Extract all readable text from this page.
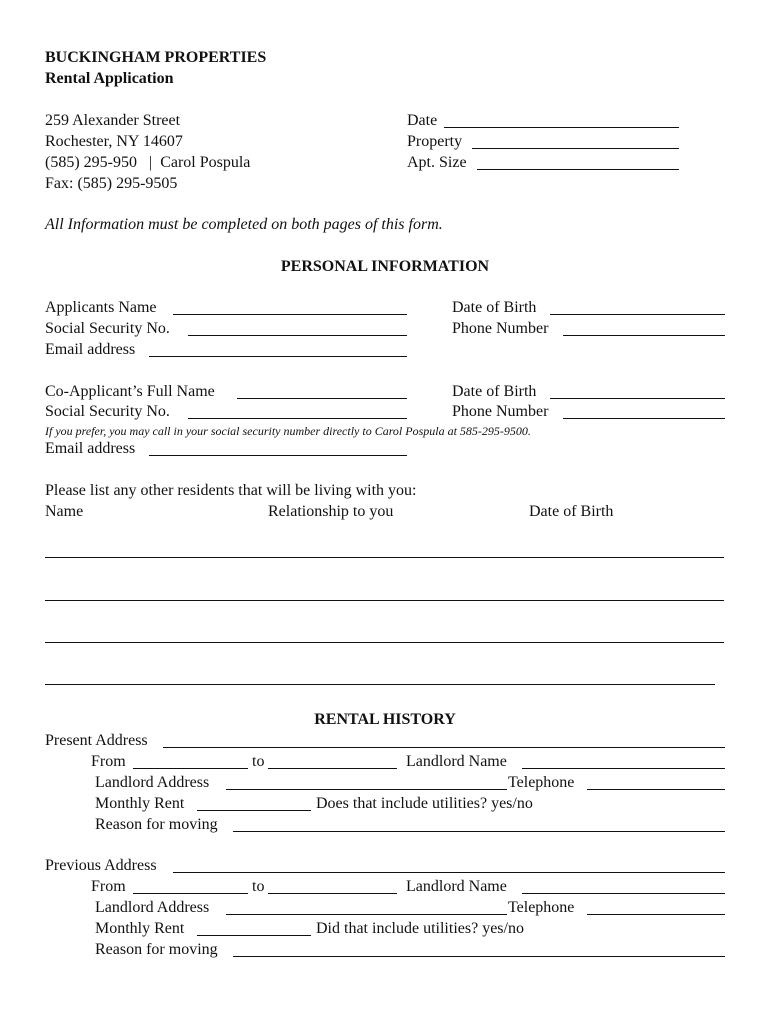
BUCKINGHAM PROPERTIES
Rental Application
259 Alexander Street
Rochester, NY 14607
(585) 295-950   |  Carol Pospula
Fax: (585) 295-9505
Date
Property
Apt. Size
All Information must be completed on both pages of this form.
PERSONAL INFORMATION
Applicants Name	Date of Birth
Social Security No.	Phone Number
Email address
Co-Applicant’s Full Name	Date of Birth
Social Security No.	Phone Number
If you prefer, you may call in your social security number directly to Carol Pospula at 585-295-9500.
Email address
Please list any other residents that will be living with you:
Name	Relationship to you	Date of Birth
RENTAL HISTORY
Present Address
From	to	Landlord Name
Landlord Address	Telephone
Monthly Rent	Does that include utilities? yes/no
Reason for moving
Previous Address
From	to	Landlord Name
Landlord Address	Telephone
Monthly Rent	Did that include utilities? yes/no
Reason for moving
